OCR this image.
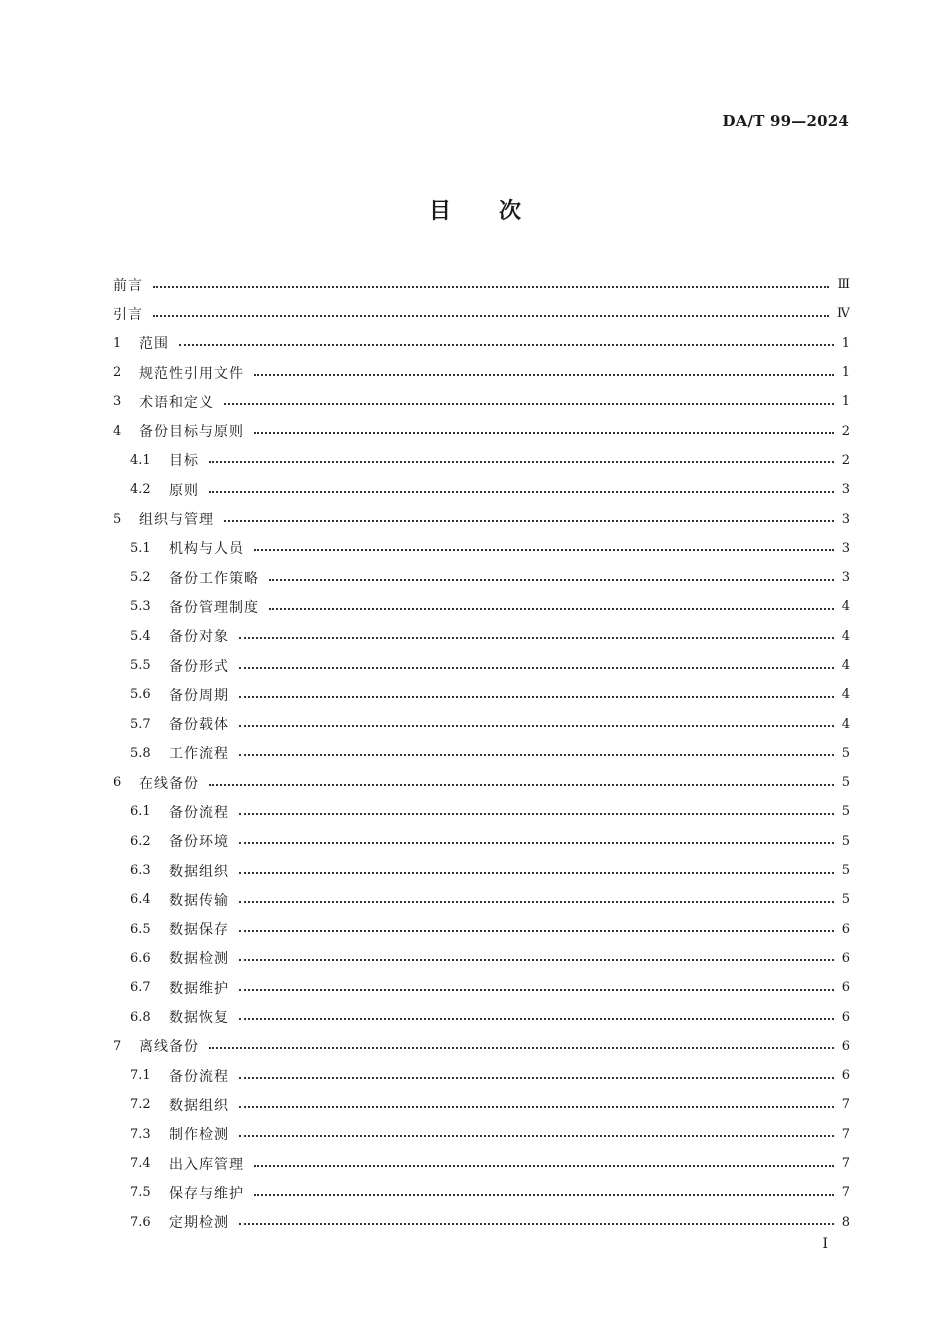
DA/T 99—2024
目次
前言	Ⅲ
引言	Ⅳ
1	范围	1
2	规范性引用文件	1
3	术语和定义	1
4	备份目标与原则	2
4.1	目标	2
4.2	原则	3
5	组织与管理	3
5.1	机构与人员	3
5.2	备份工作策略	3
5.3	备份管理制度	4
5.4	备份对象	4
5.5	备份形式	4
5.6	备份周期	4
5.7	备份载体	4
5.8	工作流程	5
6	在线备份	5
6.1	备份流程	5
6.2	备份环境	5
6.3	数据组织	5
6.4	数据传输	5
6.5	数据保存	6
6.6	数据检测	6
6.7	数据维护	6
6.8	数据恢复	6
7	离线备份	6
7.1	备份流程	6
7.2	数据组织	7
7.3	制作检测	7
7.4	出入库管理	7
7.5	保存与维护	7
7.6	定期检测	8
I
